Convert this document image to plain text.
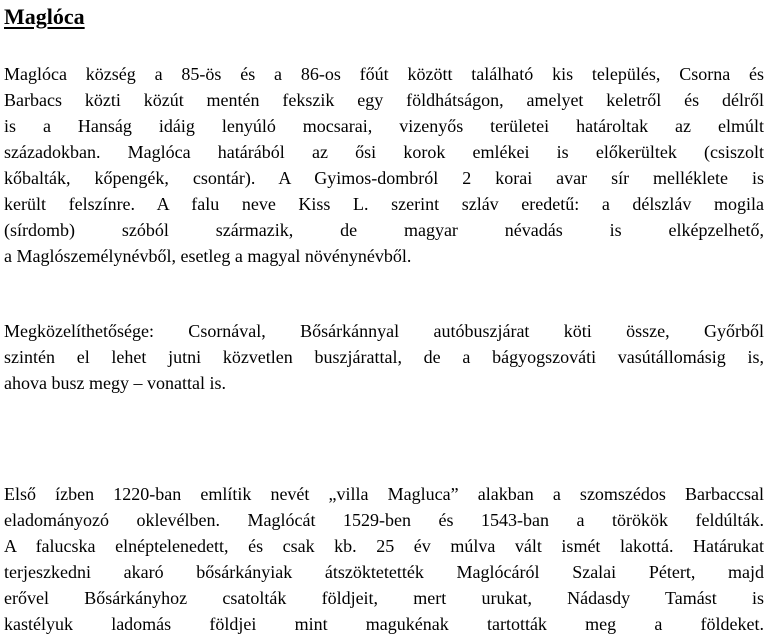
Maglóca
Maglóca község a 85-ös és a 86-os főút között található kis település, Csorna és
Barbacs közti közút mentén fekszik egy földhátságon, amelyet keletről és délről
is a Hanság idáig lenyúló mocsarai, vizenyős területei határoltak az elmúlt
századokban. Maglóca határából az ősi korok emlékei is előkerültek (csiszolt
kőbalták, kőpengék, csontár). A Gyimos-dombról 2 korai avar sír melléklete is
került felszínre. A falu neve Kiss L. szerint szláv eredetű: a délszláv mogila
(sírdomb) szóból származik, de magyar névadás is elképzelhető,
a Maglószemélynévből, esetleg a magyal növénynévből.
Megközelíthetősége: Csornával, Bősárkánnyal autóbuszjárat köti össze, Győrből
szintén el lehet jutni közvetlen buszjárattal, de a bágyogszováti vasútállomásig is,
ahova busz megy – vonattal is.
Első ízben 1220-ban említik nevét „villa Magluca” alakban a szomszédos Barbaccsal
eladományozó oklevélben. Maglócát 1529-ben és 1543-ban a törökök feldúlták.
A falucska elnéptelenedett, és csak kb. 25 év múlva vált ismét lakottá. Határukat
terjeszkedni akaró bősárkányiak átszöktetették Maglócáról Szalai Pétert, majd
erővel Bősárkányhoz csatolták földjeit, mert urukat, Nádasdy Tamást is
kastélyuk ladomás földjei mint magukénak tartották meg a földeket.
